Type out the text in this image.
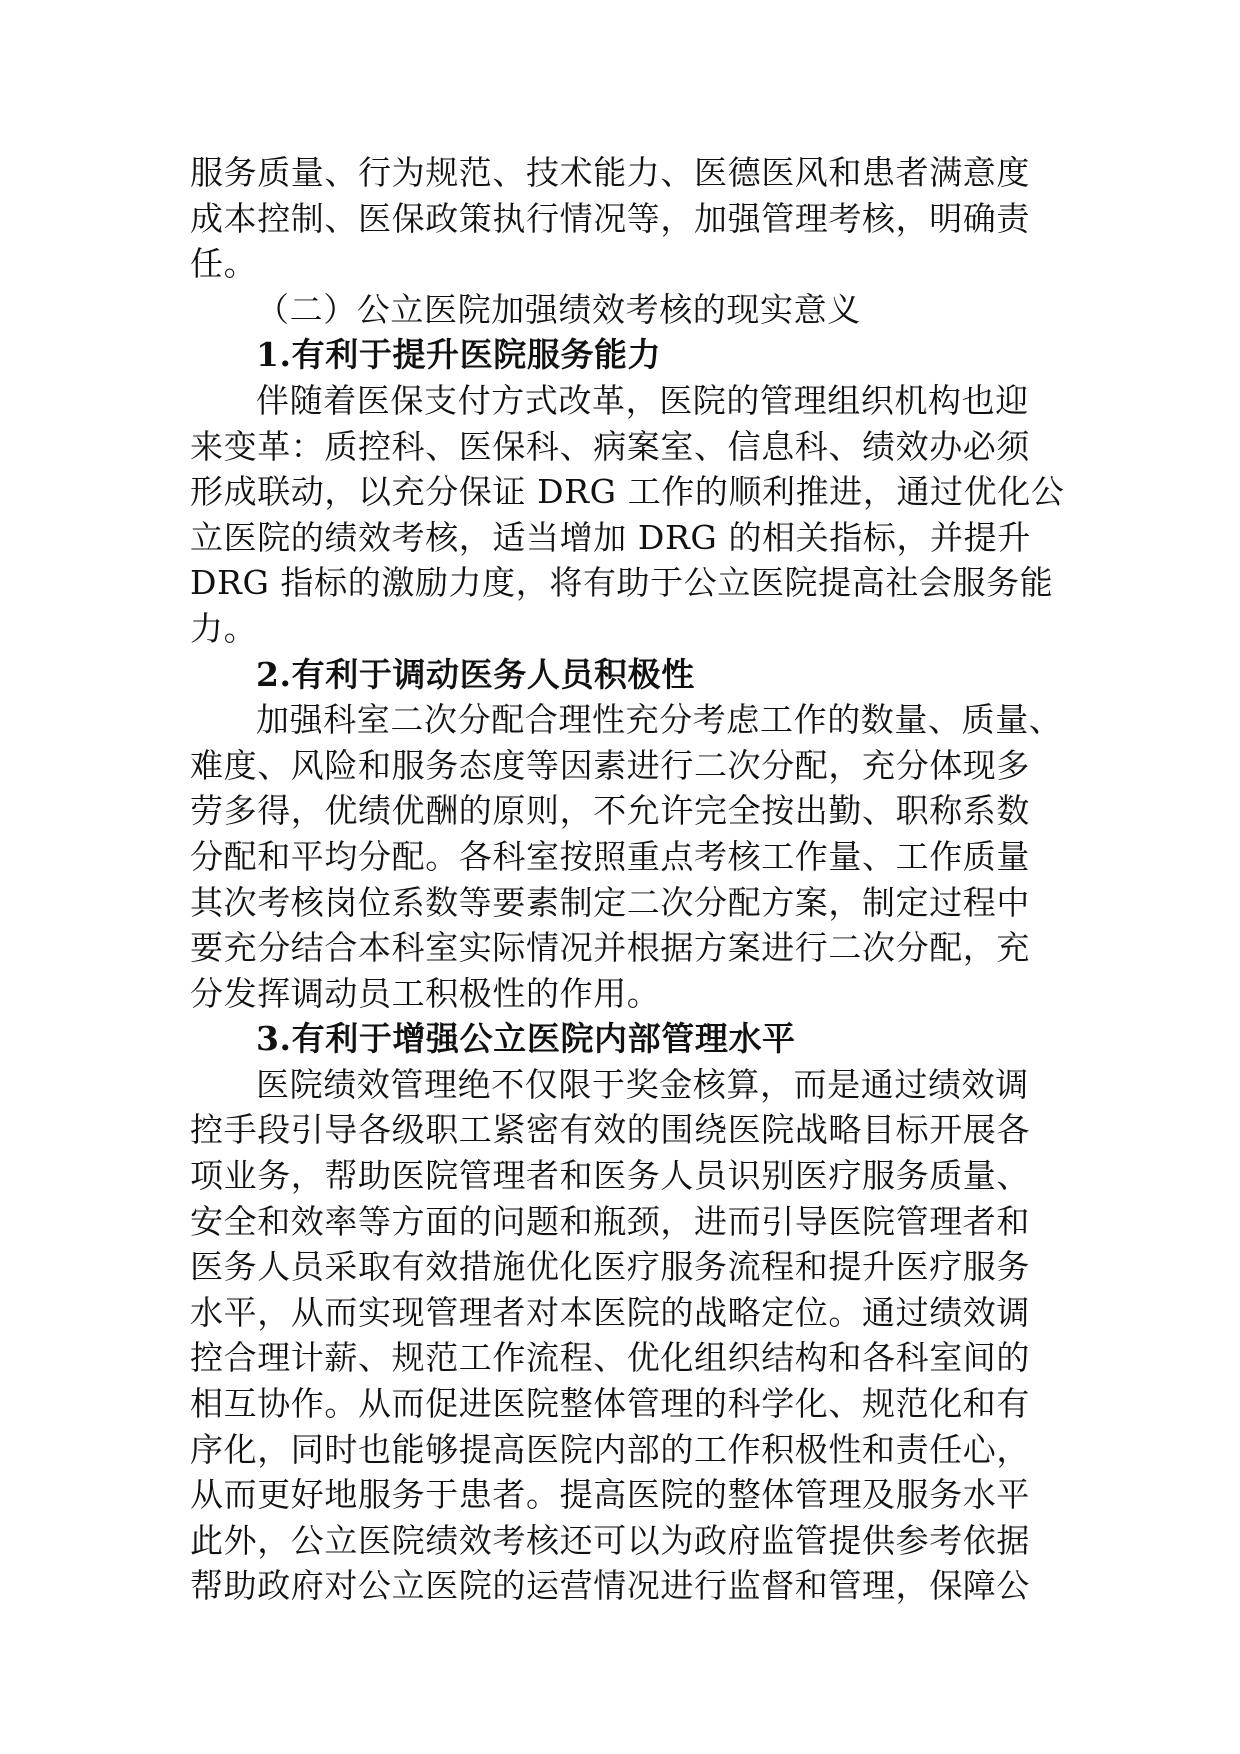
服务质量、行为规范、技术能力、医德医风和患者满意度
成本控制、医保政策执行情况等，加强管理考核，明确责
任。
（二）公立医院加强绩效考核的现实意义
1.有利于提升医院服务能力
伴随着医保支付方式改革，医院的管理组织机构也迎
来变革：质控科、医保科、病案室、信息科、绩效办必须
形成联动，以充分保证 DRG 工作的顺利推进，通过优化公
立医院的绩效考核，适当增加 DRG 的相关指标，并提升
DRG 指标的激励力度，将有助于公立医院提高社会服务能
力。
2.有利于调动医务人员积极性
加强科室二次分配合理性充分考虑工作的数量、质量、
难度、风险和服务态度等因素进行二次分配，充分体现多
劳多得，优绩优酬的原则，不允许完全按出勤、职称系数
分配和平均分配。各科室按照重点考核工作量、工作质量
其次考核岗位系数等要素制定二次分配方案，制定过程中
要充分结合本科室实际情况并根据方案进行二次分配，充
分发挥调动员工积极性的作用。
3.有利于增强公立医院内部管理水平
医院绩效管理绝不仅限于奖金核算，而是通过绩效调
控手段引导各级职工紧密有效的围绕医院战略目标开展各
项业务，帮助医院管理者和医务人员识别医疗服务质量、
安全和效率等方面的问题和瓶颈，进而引导医院管理者和
医务人员采取有效措施优化医疗服务流程和提升医疗服务
水平，从而实现管理者对本医院的战略定位。通过绩效调
控合理计薪、规范工作流程、优化组织结构和各科室间的
相互协作。从而促进医院整体管理的科学化、规范化和有
序化，同时也能够提高医院内部的工作积极性和责任心，
从而更好地服务于患者。提高医院的整体管理及服务水平
此外，公立医院绩效考核还可以为政府监管提供参考依据
帮助政府对公立医院的运营情况进行监督和管理，保障公
